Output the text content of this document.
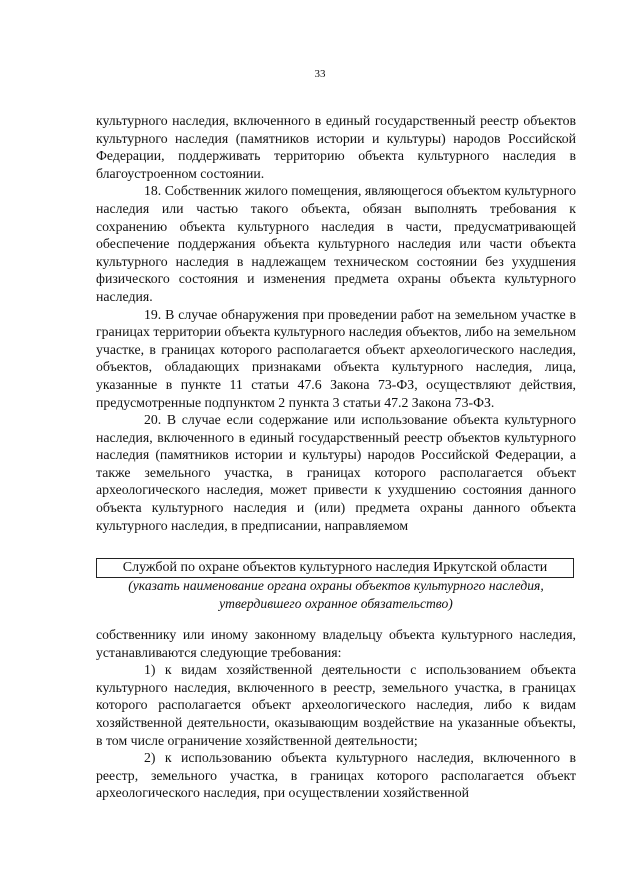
33

культурного наследия, включенного в единый государственный реестр объектов культурного наследия (памятников истории и культуры) народов Российской Федерации, поддерживать территорию объекта культурного наследия в благоустроенном состоянии.

18. Собственник жилого помещения, являющегося объектом культурного наследия или частью такого объекта, обязан выполнять требования к сохранению объекта культурного наследия в части, предусматривающей обеспечение поддержания объекта культурного наследия или части объекта культурного наследия в надлежащем техническом состоянии без ухудшения физического состояния и изменения предмета охраны объекта культурного наследия.

19. В случае обнаружения при проведении работ на земельном участке в границах территории объекта культурного наследия объектов, либо на земельном участке, в границах которого располагается объект археологического наследия, объектов, обладающих признаками объекта культурного наследия, лица, указанные в пункте 11 статьи 47.6 Закона 73-ФЗ, осуществляют действия, предусмотренные подпунктом 2 пункта 3 статьи 47.2 Закона 73-ФЗ.

20. В случае если содержание или использование объекта культурного наследия, включенного в единый государственный реестр объектов культурного наследия (памятников истории и культуры) народов Российской Федерации, а также земельного участка, в границах которого располагается объект археологического наследия, может привести к ухудшению состояния данного объекта культурного наследия и (или) предмета охраны данного объекта культурного наследия, в предписании, направляемом

Службой по охране объектов культурного наследия Иркутской области
(указать наименование органа охраны объектов культурного наследия, утвердившего охранное обязательство)

собственнику или иному законному владельцу объекта культурного наследия, устанавливаются следующие требования:

1) к видам хозяйственной деятельности с использованием объекта культурного наследия, включенного в реестр, земельного участка, в границах которого располагается объект археологического наследия, либо к видам хозяйственной деятельности, оказывающим воздействие на указанные объекты, в том числе ограничение хозяйственной деятельности;

2) к использованию объекта культурного наследия, включенного в реестр, земельного участка, в границах которого располагается объект археологического наследия, при осуществлении хозяйственной
